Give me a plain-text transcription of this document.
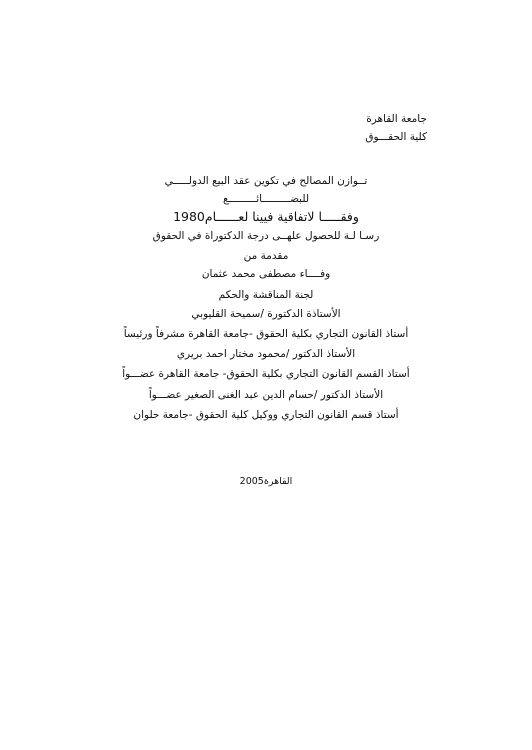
جامعة القاهرة
كلية الحقـــوق
تــوازن المصالح في تكوين عقد البيع الدولـــــي
للبضـــــــــائـــــــــع
وفقـــــا لاتفاقية فيينا لعــــــام1980
رسـا لـة للحصول علهــى درجة الدكتوراة في الحقوق
مقدمة من
وفــــاء مصطفى محمد عثمان
لجنة المناقشة والحكم
الأستاذة الدكتورة /سميحة القليوبي
أستاذ القانون التجاري بكلية الحقوق -جامعة القاهرة مشرفاً ورئيساً
الأستاذ الدكتور /محمود مختار احمد بريري
أستاذ القسم القانون التجاري بكلية الحقوق- جامعة القاهرة عضـــواً
الأستاذ الدكتور /حسام الدين عبد الغنى الصغير عضـــواً
أستاذ قسم القانون التجاري ووكيل كلية الحقوق -جامعة حلوان
القاهرة2005
